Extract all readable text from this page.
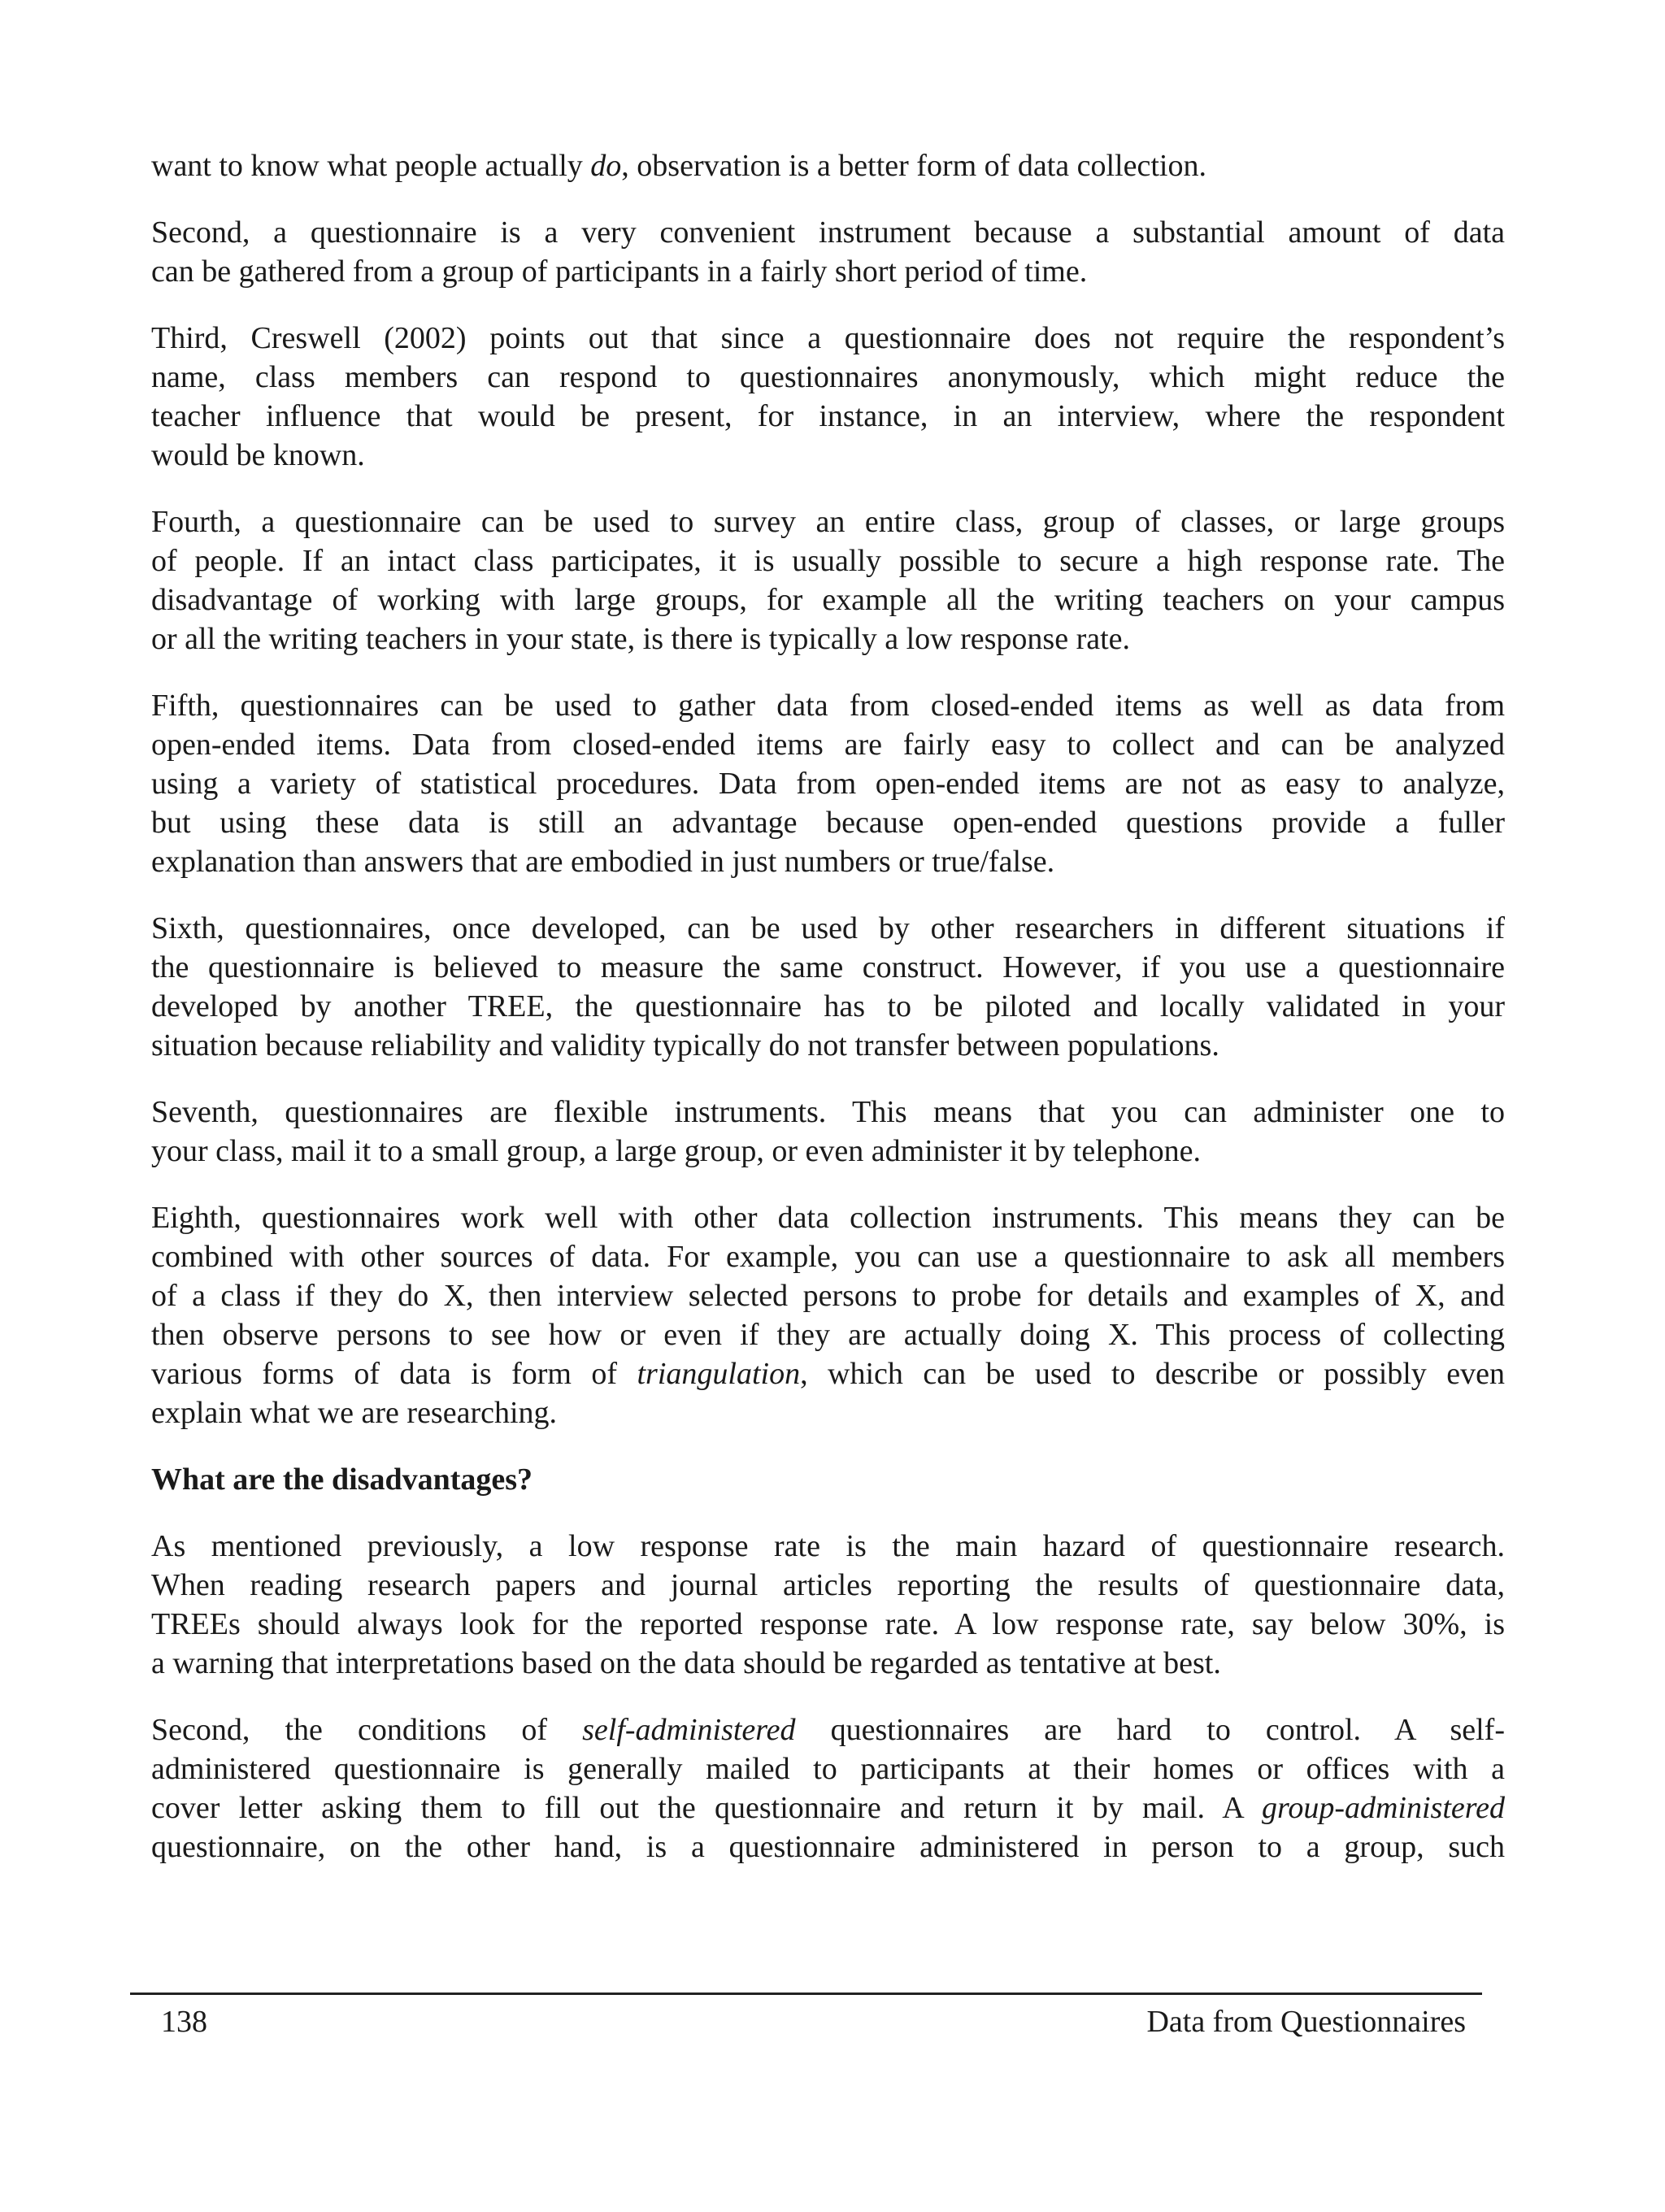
want to know what people actually do, observation is a better form of data collection.
Second, a questionnaire is a very convenient instrument because a substantial amount of data
can be gathered from a group of participants in a fairly short period of time.
Third, Creswell (2002) points out that since a questionnaire does not require the respondent’s
name, class members can respond to questionnaires anonymously, which might reduce the
teacher influence that would be present, for instance, in an interview, where the respondent
would be known.
Fourth, a questionnaire can be used to survey an entire class, group of classes, or large groups
of people. If an intact class participates, it is usually possible to secure a high response rate. The
disadvantage of working with large groups, for example all the writing teachers on your campus
or all the writing teachers in your state, is there is typically a low response rate.
Fifth, questionnaires can be used to gather data from closed-ended items as well as data from
open-ended items. Data from closed-ended items are fairly easy to collect and can be analyzed
using a variety of statistical procedures. Data from open-ended items are not as easy to analyze,
but using these data is still an advantage because open-ended questions provide a fuller
explanation than answers that are embodied in just numbers or true/false.
Sixth, questionnaires, once developed, can be used by other researchers in different situations if
the questionnaire is believed to measure the same construct. However, if you use a questionnaire
developed by another TREE, the questionnaire has to be piloted and locally validated in your
situation because reliability and validity typically do not transfer between populations.
Seventh, questionnaires are flexible instruments. This means that you can administer one to
your class, mail it to a small group, a large group, or even administer it by telephone.
Eighth, questionnaires work well with other data collection instruments. This means they can be
combined with other sources of data. For example, you can use a questionnaire to ask all members
of a class if they do X, then interview selected persons to probe for details and examples of X, and
then observe persons to see how or even if they are actually doing X. This process of collecting
various forms of data is form of triangulation, which can be used to describe or possibly even
explain what we are researching.
What are the disadvantages?
As mentioned previously, a low response rate is the main hazard of questionnaire research.
When reading research papers and journal articles reporting the results of questionnaire data,
TREEs should always look for the reported response rate. A low response rate, say below 30%, is
a warning that interpretations based on the data should be regarded as tentative at best.
Second, the conditions of self-administered questionnaires are hard to control. A self-
administered questionnaire is generally mailed to participants at their homes or offices with a
cover letter asking them to fill out the questionnaire and return it by mail. A group-administered
questionnaire, on the other hand, is a questionnaire administered in person to a group, such
138	Data from Questionnaires
